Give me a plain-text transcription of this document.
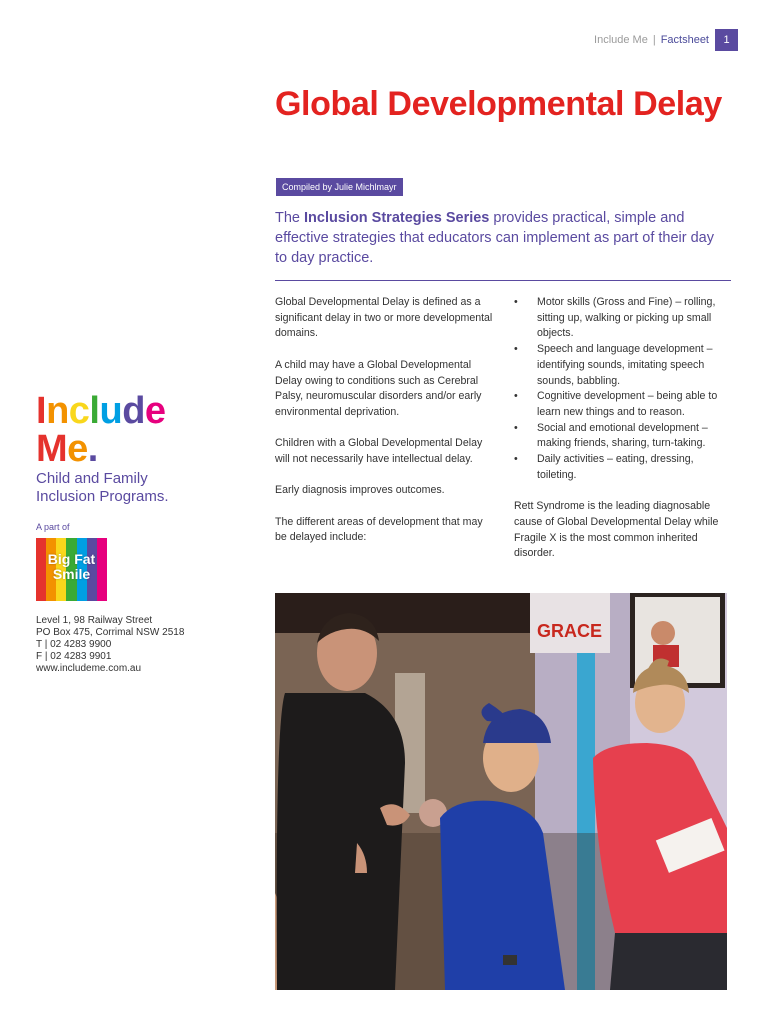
Include Me | Factsheet	1
Global Developmental Delay
Compiled by Julie Michlmayr

The Inclusion Strategies Series provides practical, simple and effective strategies that educators can implement as part of their day to day practice.

Global Developmental Delay is defined as a significant delay in two or more developmental domains.

A child may have a Global Developmental Delay owing to conditions such as Cerebral Palsy, neuromuscular disorders and/or early environmental deprivation.

Children with a Global Developmental Delay will not necessarily have intellectual delay.

Early diagnosis improves outcomes.

The different areas of development that may be delayed include:

• Motor skills (Gross and Fine) – rolling, sitting up, walking or picking up small objects.
• Speech and language development – identifying sounds, imitating speech sounds, babbling.
• Cognitive development – being able to learn new things and to reason.
• Social and emotional development – making friends, sharing, turn-taking.
• Daily activities – eating, dressing, toileting.

Rett Syndrome is the leading diagnosable cause of Global Developmental Delay while Fragile X is the most common inherited disorder.

Include
Me.
Child and Family
Inclusion Programs.
A part of
Big Fat
Smile
Level 1, 98 Railway Street
PO Box 475, Corrimal NSW 2518
T | 02 4283 9900
F | 02 4283 9901
www.includeme.com.au
GRACE
